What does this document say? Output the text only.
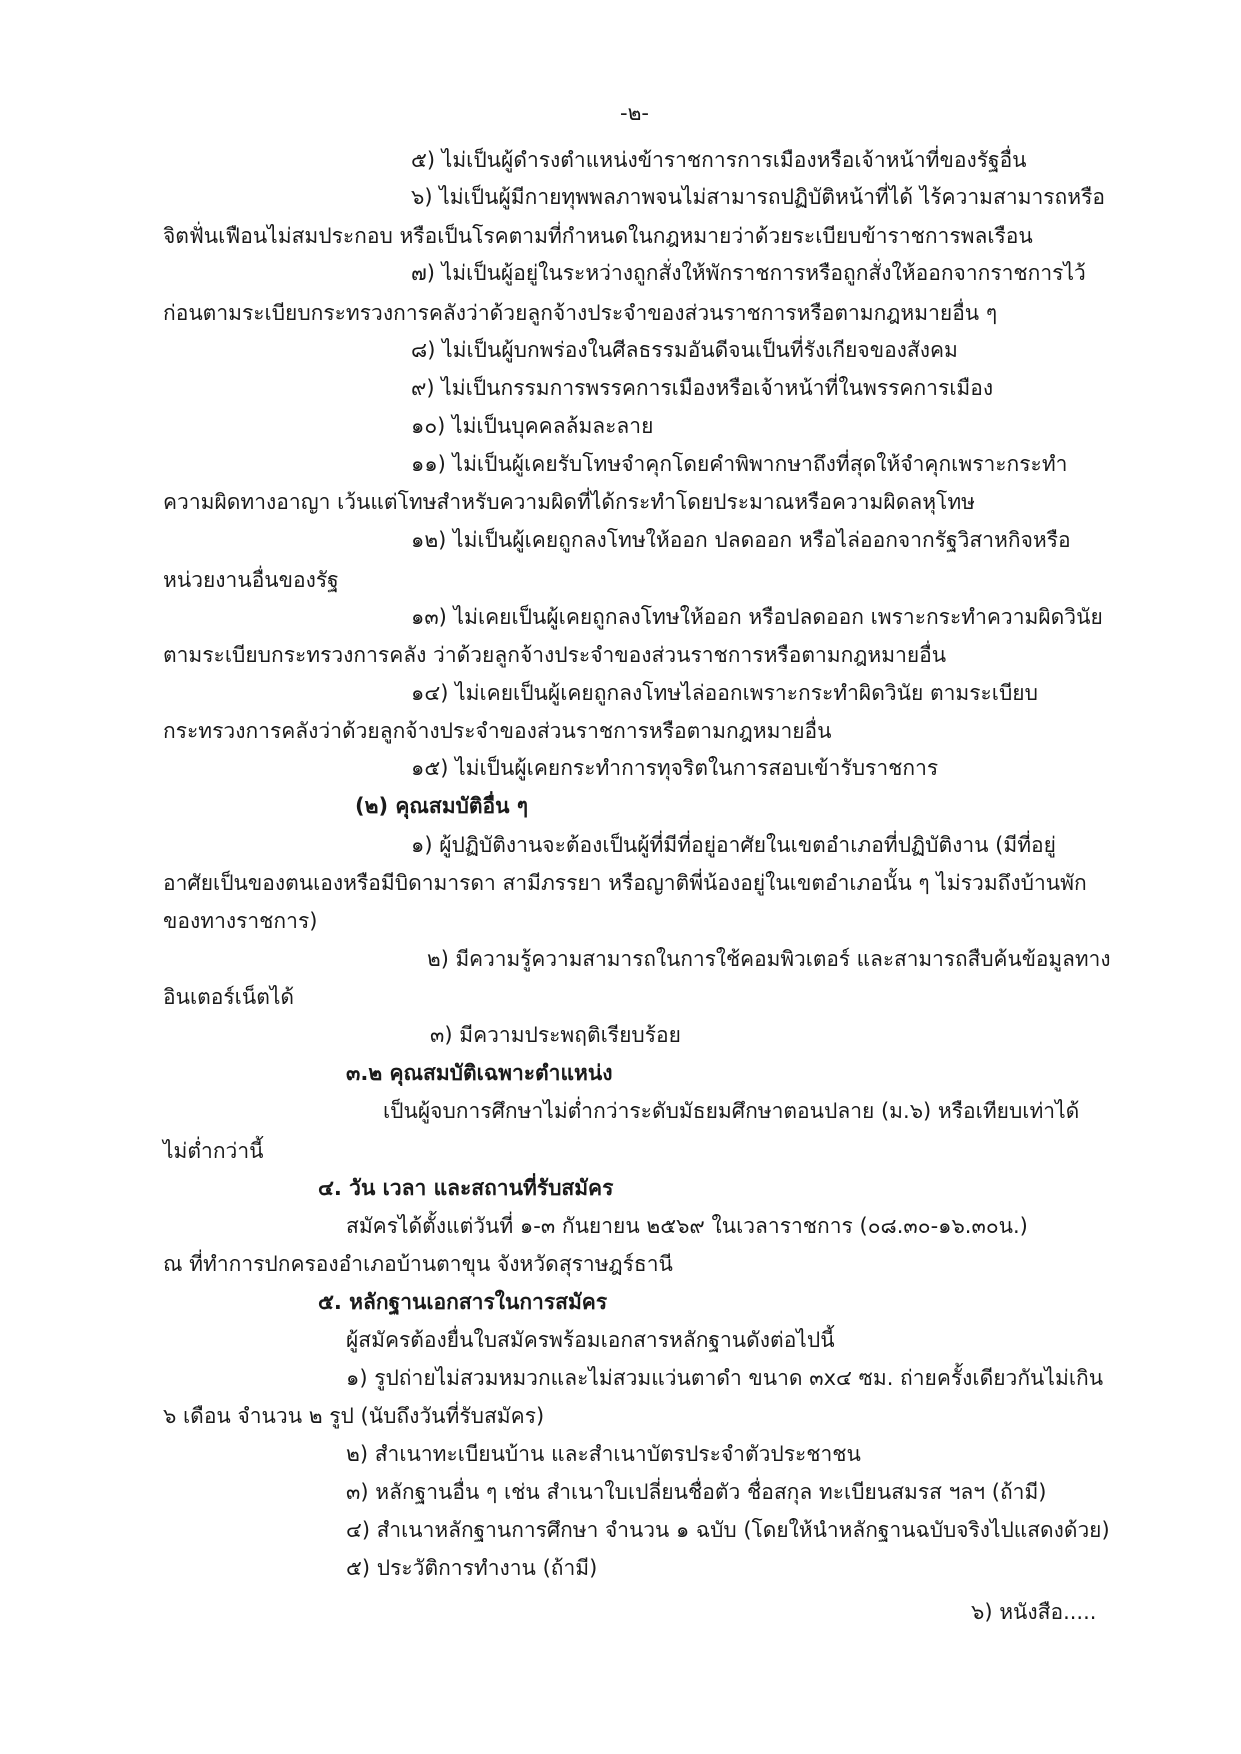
-๒-
๕) ไม่เป็นผู้ดำรงตำแหน่งข้าราชการการเมืองหรือเจ้าหน้าที่ของรัฐอื่น
๖) ไม่เป็นผู้มีกายทุพพลภาพจนไม่สามารถปฏิบัติหน้าที่ได้ ไร้ความสามารถหรือ
จิตฟั่นเฟือนไม่สมประกอบ หรือเป็นโรคตามที่กำหนดในกฎหมายว่าด้วยระเบียบข้าราชการพลเรือน
๗) ไม่เป็นผู้อยู่ในระหว่างถูกสั่งให้พักราชการหรือถูกสั่งให้ออกจากราชการไว้
ก่อนตามระเบียบกระทรวงการคลังว่าด้วยลูกจ้างประจำของส่วนราชการหรือตามกฎหมายอื่น ๆ
๘) ไม่เป็นผู้บกพร่องในศีลธรรมอันดีจนเป็นที่รังเกียจของสังคม
๙) ไม่เป็นกรรมการพรรคการเมืองหรือเจ้าหน้าที่ในพรรคการเมือง
๑๐) ไม่เป็นบุคคลล้มละลาย
๑๑) ไม่เป็นผู้เคยรับโทษจำคุกโดยคำพิพากษาถึงที่สุดให้จำคุกเพราะกระทำ
ความผิดทางอาญา เว้นแต่โทษสำหรับความผิดที่ได้กระทำโดยประมาณหรือความผิดลหุโทษ
๑๒) ไม่เป็นผู้เคยถูกลงโทษให้ออก ปลดออก หรือไล่ออกจากรัฐวิสาหกิจหรือ
หน่วยงานอื่นของรัฐ
๑๓) ไม่เคยเป็นผู้เคยถูกลงโทษให้ออก หรือปลดออก เพราะกระทำความผิดวินัย
ตามระเบียบกระทรวงการคลัง ว่าด้วยลูกจ้างประจำของส่วนราชการหรือตามกฎหมายอื่น
๑๔) ไม่เคยเป็นผู้เคยถูกลงโทษไล่ออกเพราะกระทำผิดวินัย ตามระเบียบ
กระทรวงการคลังว่าด้วยลูกจ้างประจำของส่วนราชการหรือตามกฎหมายอื่น
๑๕) ไม่เป็นผู้เคยกระทำการทุจริตในการสอบเข้ารับราชการ
(๒) คุณสมบัติอื่น ๆ
๑) ผู้ปฏิบัติงานจะต้องเป็นผู้ที่มีที่อยู่อาศัยในเขตอำเภอที่ปฏิบัติงาน (มีที่อยู่
อาศัยเป็นของตนเองหรือมีบิดามารดา สามีภรรยา หรือญาติพี่น้องอยู่ในเขตอำเภอนั้น ๆ ไม่รวมถึงบ้านพัก
ของทางราชการ)
๒) มีความรู้ความสามารถในการใช้คอมพิวเตอร์ และสามารถสืบค้นข้อมูลทาง
อินเตอร์เน็ตได้
๓) มีความประพฤติเรียบร้อย
๓.๒ คุณสมบัติเฉพาะตำแหน่ง
เป็นผู้จบการศึกษาไม่ต่ำกว่าระดับมัธยมศึกษาตอนปลาย (ม.๖) หรือเทียบเท่าได้
ไม่ต่ำกว่านี้
๔. วัน เวลา และสถานที่รับสมัคร
สมัครได้ตั้งแต่วันที่ ๑-๓ กันยายน ๒๕๖๙ ในเวลาราชการ (๐๘.๓๐-๑๖.๓๐น.)
ณ ที่ทำการปกครองอำเภอบ้านตาขุน จังหวัดสุราษฎร์ธานี
๕. หลักฐานเอกสารในการสมัคร
ผู้สมัครต้องยื่นใบสมัครพร้อมเอกสารหลักฐานดังต่อไปนี้
๑) รูปถ่ายไม่สวมหมวกและไม่สวมแว่นตาดำ ขนาด ๓x๔ ซม. ถ่ายครั้งเดียวกันไม่เกิน
๖ เดือน จำนวน ๒ รูป (นับถึงวันที่รับสมัคร)
๒) สำเนาทะเบียนบ้าน และสำเนาบัตรประจำตัวประชาชน
๓) หลักฐานอื่น ๆ เช่น สำเนาใบเปลี่ยนชื่อตัว ชื่อสกุล ทะเบียนสมรส ฯลฯ (ถ้ามี)
๔) สำเนาหลักฐานการศึกษา จำนวน ๑ ฉบับ (โดยให้นำหลักฐานฉบับจริงไปแสดงด้วย)
๕) ประวัติการทำงาน (ถ้ามี)
๖) หนังสือ.....
